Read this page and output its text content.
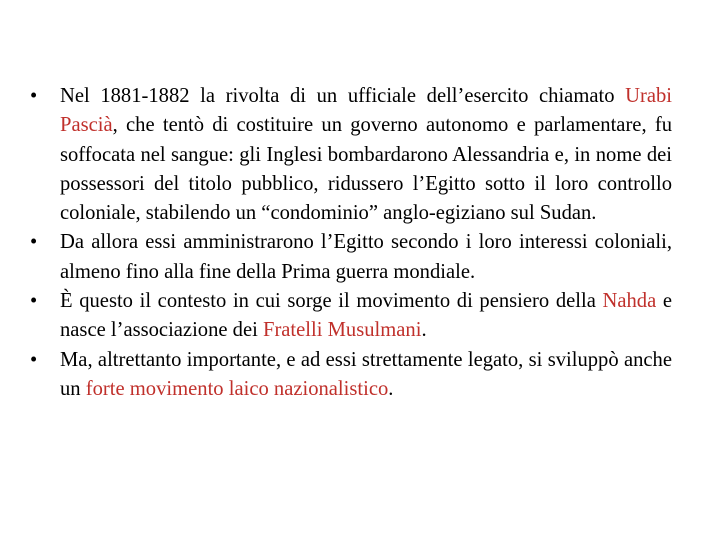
• Nel 1881-1882 la rivolta di un ufficiale dell’esercito chiamato Urabi Pascià, che tentò di costituire un governo autonomo e parlamentare, fu soffocata nel sangue: gli Inglesi bombardarono Alessandria e, in nome dei possessori del titolo pubblico, ridussero l’Egitto sotto il loro controllo coloniale, stabilendo un “condominio” anglo-egiziano sul Sudan.
• Da allora essi amministrarono l’Egitto secondo i loro interessi coloniali, almeno fino alla fine della Prima guerra mondiale.
• È questo il contesto in cui sorge il movimento di pensiero della Nahda e nasce l’associazione dei Fratelli Musulmani.
• Ma, altrettanto importante, e ad essi strettamente legato, si sviluppò anche un forte movimento laico nazionalistico.
